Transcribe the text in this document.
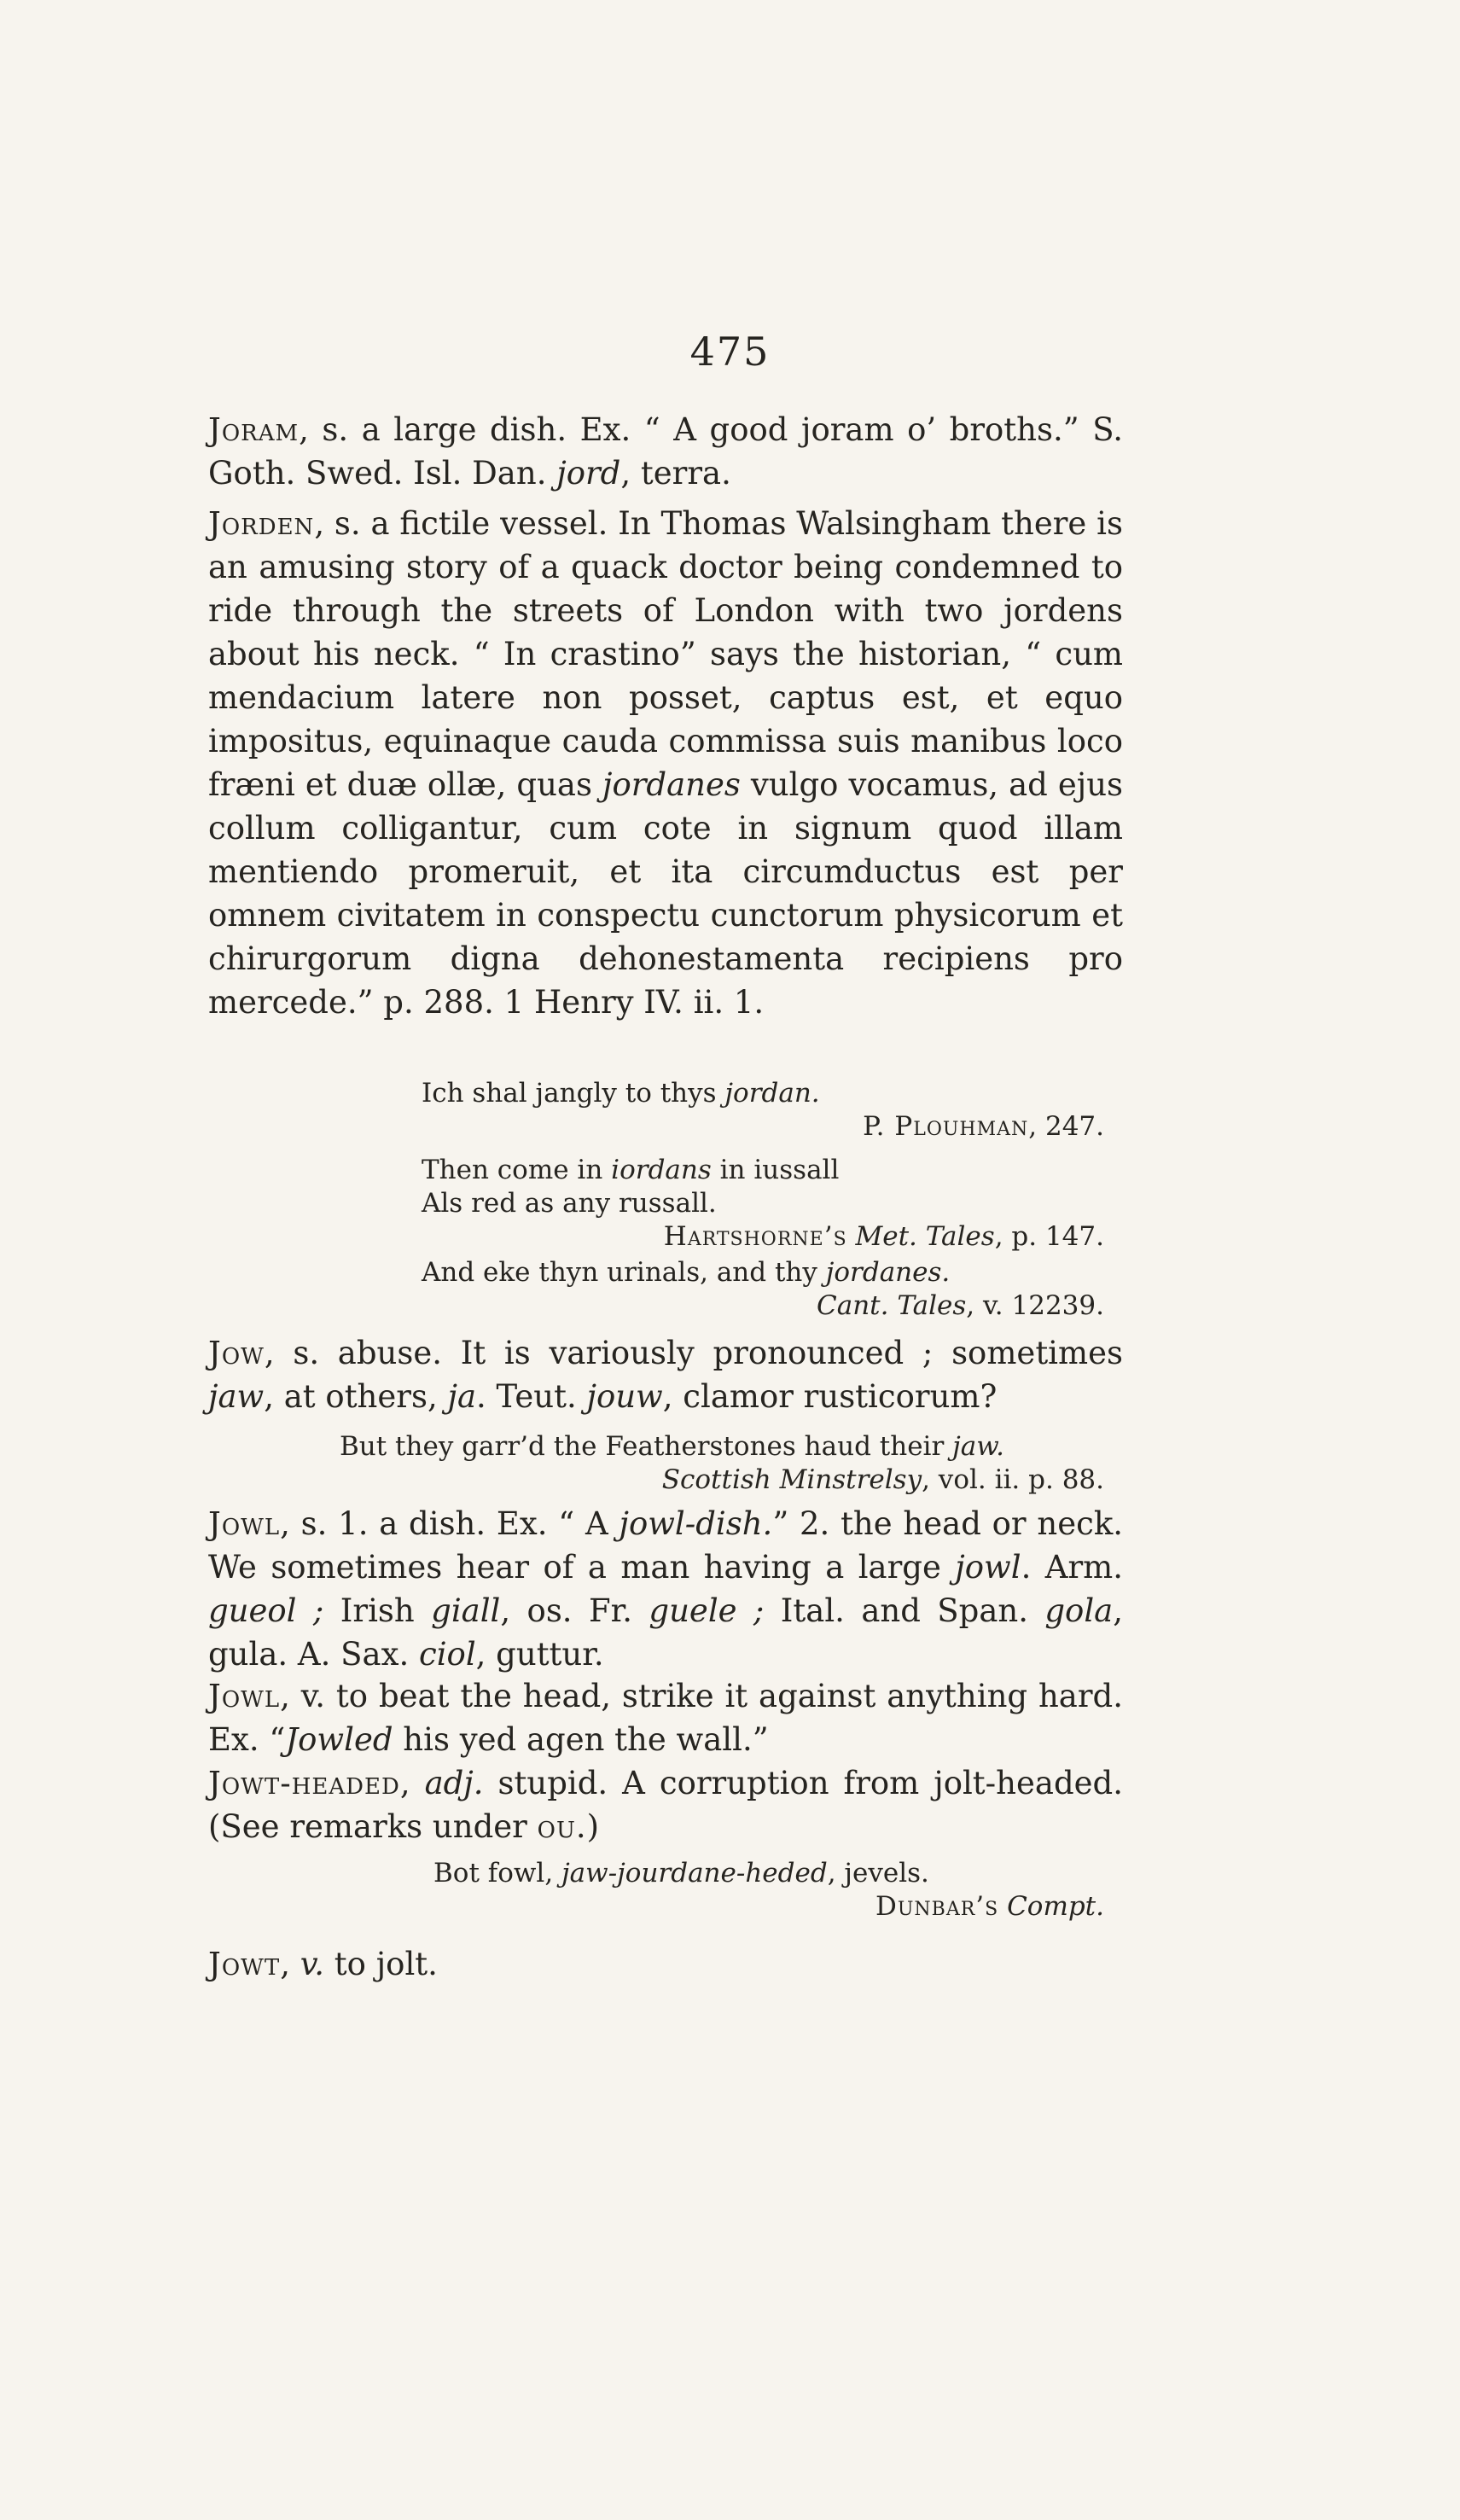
475
Joram, s. a large dish. Ex. “ A good joram o’ broths.” S. Goth. Swed. Isl. Dan. jord, terra.
Jorden, s. a fictile vessel. In Thomas Walsingham there is an amusing story of a quack doctor being condemned to ride through the streets of London with two jordens about his neck. “ In crastino” says the historian, “ cum mendacium latere non posset, captus est, et equo impositus, equinaque cauda commissa suis manibus loco fræni et duæ ollæ, quas jordanes vulgo vocamus, ad ejus collum colligantur, cum cote in signum quod illam mentiendo promeruit, et ita circumductus est per omnem civitatem in conspectu cunctorum physicorum et chirurgorum digna dehonestamenta recipiens pro mercede.” p. 288. 1 Henry IV. ii. 1.
Ich shal jangly to thys jordan.
P. Plouhman, 247.
Then come in iordans in iussall
Als red as any russall.
Hartshorne’s Met. Tales, p. 147.
And eke thyn urinals, and thy jordanes.
Cant. Tales, v. 12239.
Jow, s. abuse. It is variously pronounced ; sometimes jaw, at others, ja. Teut. jouw, clamor rusticorum?
But they garr’d the Featherstones haud their jaw.
Scottish Minstrelsy, vol. ii. p. 88.
Jowl, s. 1. a dish. Ex. “ A jowl-dish.” 2. the head or neck. We sometimes hear of a man having a large jowl. Arm. gueol ; Irish giall, os. Fr. guele ; Ital. and Span. gola, gula. A. Sax. ciol, guttur.
Jowl, v. to beat the head, strike it against anything hard. Ex. “Jowled his yed agen the wall.”
Jowt-headed, adj. stupid. A corruption from jolt-headed. (See remarks under ou.)
Bot fowl, jaw-jourdane-heded, jevels.
Dunbar’s Compt.
Jowt, v. to jolt.
